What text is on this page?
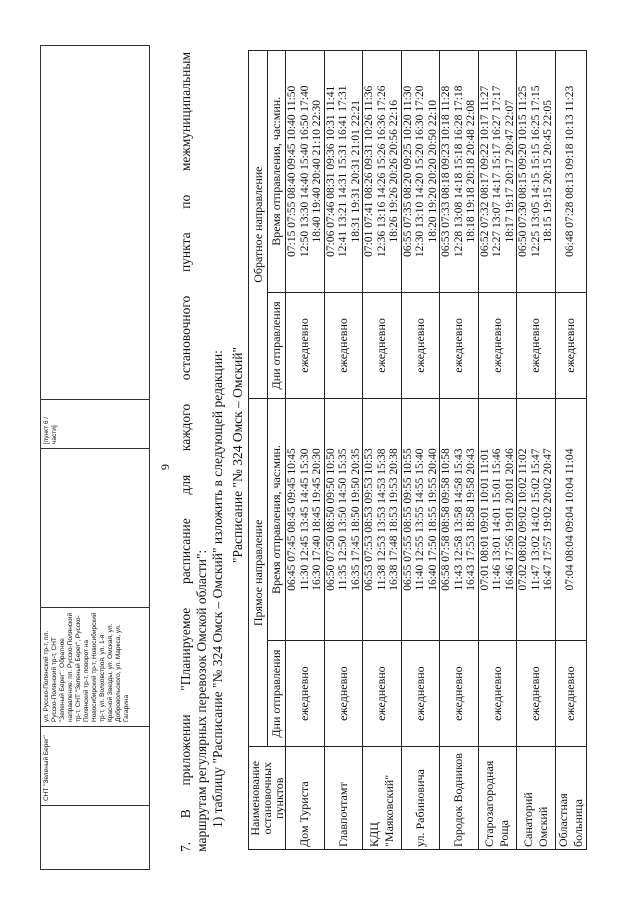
	СНТ "Зеленый Берег"	ул. Русско-Полянский тр-т, пл. Русско-Полянский тр-т, СНТ "Зеленый Берег". Обратное направление: пл. Русско-Полянский тр-т, СНТ "Зеленый Берег", Русско-Полянский тр-т, поворот на Новосибирский тр-т, Новосибирский тр-т, ул. Волховстроя, ул. 1-я Красной Звезды, ул. Омская, ул. Добровольского, ул. Маркса, ул. Гагарина		[пункт 6 / части]	
9 7. В приложении "Планируемое расписание для каждого остановочного пункта по межмуниципальным маршрутам регулярных перевозок Омской области": 1) таблицу "Расписание "№ 324 Омск – Омский" изложить в следующей редакции: "Расписание "№ 324 Омск – Омский"
Наименование остановочных пунктов	Прямое направление		Обратное направление	
	Дни отправления	Время отправления, час:мин.	Дни отправления	Время отправления, час:мин.
Дом Туриста	ежедневно	06:45 07:45 08:45 09:45 10:45 11:30 12:45 13:45 14:45 15:30 16:30 17:40 18:45 19:45 20:30	ежедневно	07:15 07:55 08:40 09:45 10:40 11:50 12:50 13:30 14:40 15:40 16:50 17:40 18:40 19:40 20:40 21:10 22:30

Главпочтамт	ежедневно	06:50 07:50 08:50 09:50 10:50 11:35 12:50 13:50 14:50 15:35 16:35 17:45 18:50 19:50 20:35	ежедневно	07:06 07:46 08:31 09:36 10:31 11:41 12:41 13:21 14:31 15:31 16:41 17:31 18:31 19:31 20:31 21:01 22:21

КДЦ "Маяковский"	ежедневно	06:53 07:53 08:53 09:53 10:53 11:38 12:53 13:53 14:53 15:38 16:38 17:48 18:53 19:53 20:38	ежедневно	07:01 07:41 08:26 09:31 10:26 11:36 12:36 13:16 14:26 15:26 16:36 17:26 18:26 19:26 20:26 20:56 22:16

ул. Рабиновича	ежедневно	06:55 07:55 08:55 09:55 10:55 11:40 12:55 13:55 14:55 15:40 16:40 17:50 18:55 19:55 20:40	ежедневно	06:55 07:35 08:20 09:25 10:20 11:30 12:30 13:10 14:20 15:20 16:30 17:20 18:20 19:20 20:20 20:50 22:10

Городок Водников	ежедневно	06:58 07:58 08:58 09:58 10:58 11:43 12:58 13:58 14:58 15:43 16:43 17:53 18:58 19:58 20:43	ежедневно	06:53 07:33 08:18 09:23 10:18 11:28 12:28 13:08 14:18 15:18 16:28 17:18 18:18 19:18 20:18 20:48 22:08

Старозагородная Роща	ежедневно	07:01 08:01 09:01 10:01 11:01 11:46 13:01 14:01 15:01 15:46 16:46 17:56 19:01 20:01 20:46	ежедневно	06:52 07:32 08:17 09:22 10:17 11:27 12:27 13:07 14:17 15:17 16:27 17:17 18:17 19:17 20:17 20:47 22:07

Санаторий Омский	ежедневно	07:02 08:02 09:02 10:02 11:02 11:47 13:02 14:02 15:02 15:47 16:47 17:57 19:02 20:02 20:47	ежедневно	06:50 07:30 08:15 09:20 10:15 11:25 12:25 13:05 14:15 15:15 16:25 17:15 18:15 19:15 20:15 20:45 22:05

Областная больница	ежедневно	07:04 08:04 09:04 10:04 11:04	ежедневно	06:48 07:28 08:13 09:18 10:13 11:23
